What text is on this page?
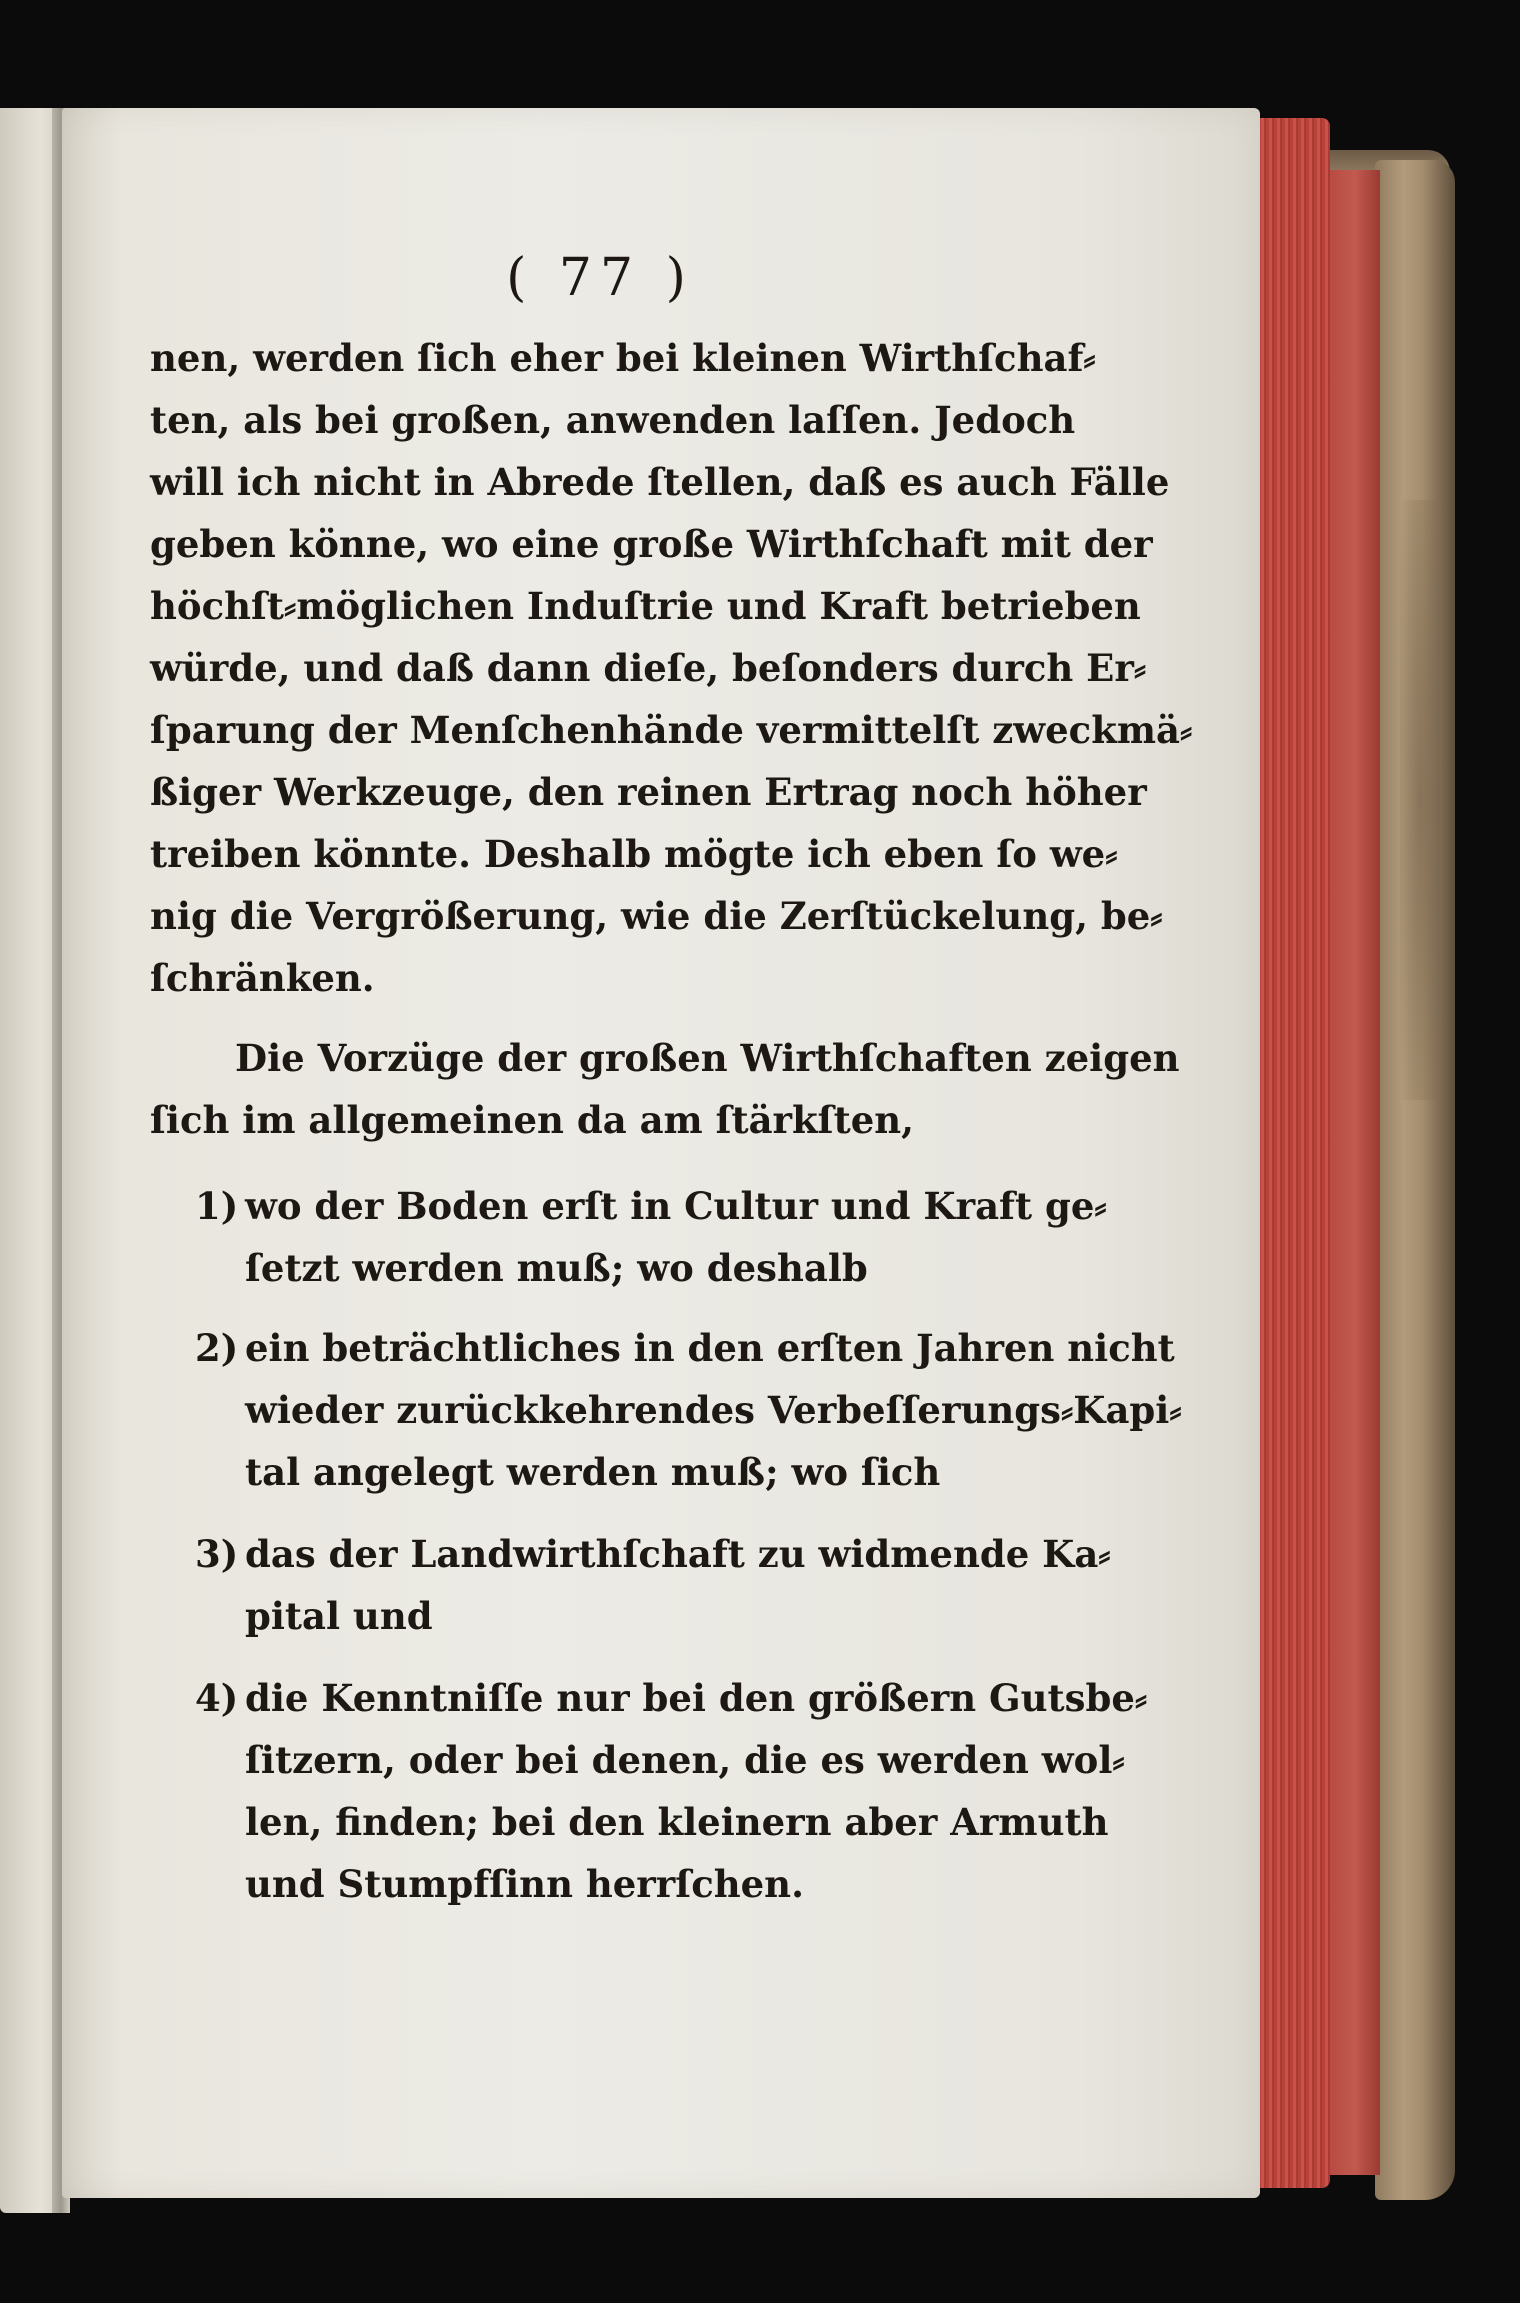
( 77 )
nen, werden ſich eher bei kleinen Wirthſchaf⸗
ten, als bei großen, anwenden laſſen. Jedoch
will ich nicht in Abrede ſtellen, daß es auch Fälle
geben könne, wo eine große Wirthſchaft mit der
höchſt⸗möglichen Induſtrie und Kraft betrieben
würde, und daß dann dieſe, beſonders durch Er⸗
ſparung der Menſchenhände vermittelſt zweckmä⸗
ßiger Werkzeuge, den reinen Ertrag noch höher
treiben könnte. Deshalb mögte ich eben ſo we⸗
nig die Vergrößerung, wie die Zerſtückelung, be⸗
ſchränken.
Die Vorzüge der großen Wirthſchaften zeigen
ſich im allgemeinen da am ſtärkſten,
1) wo der Boden erſt in Cultur und Kraft ge⸗
ſetzt werden muß; wo deshalb
2) ein beträchtliches in den erſten Jahren nicht
wieder zurückkehrendes Verbeſſerungs⸗Kapi⸗
tal angelegt werden muß; wo ſich
3) das der Landwirthſchaft zu widmende Ka⸗
pital und
4) die Kenntniſſe nur bei den größern Gutsbe⸗
ſitzern, oder bei denen, die es werden wol⸗
len, finden; bei den kleinern aber Armuth
und Stumpfſinn herrſchen.
